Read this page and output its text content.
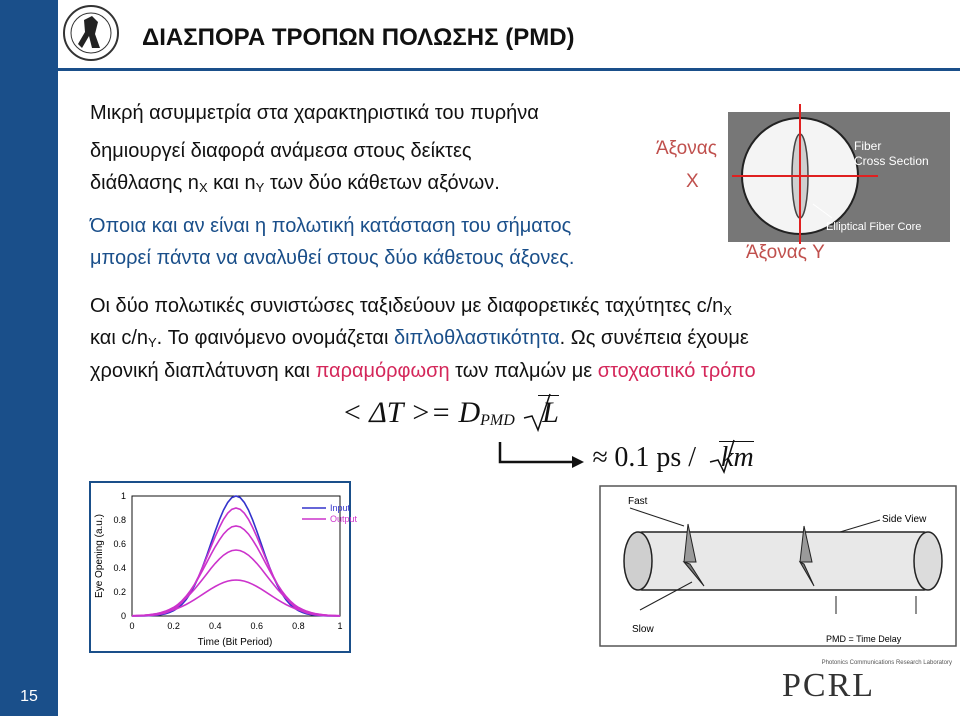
15
ΔΙΑΣΠΟΡΑ ΤΡΟΠΩΝ ΠΟΛΩΣΗΣ (PMD)
Μικρή ασυμμετρία στα χαρακτηριστικά του πυρήνα
δημιουργεί διαφορά ανάμεσα στους δείκτες
διάθλασης $n_X$ και $n_Y$ των δύο κάθετων αξόνων.
Όποια και αν είναι η πολωτική κατάσταση του σήματος
μπορεί πάντα να αναλυθεί στους δύο κάθετους άξονες.
Fiber
Cross Section
Elliptical Fiber Core
Άξονας
X
Άξονας Y
Οι δύο πολωτικές συνιστώσες ταξιδεύουν με διαφορετικές ταχύτητες $c/n_X$
και $c/n_Y$. Το φαινόμενο ονομάζεται διπλοθλαστικότητα. Ως συνέπεια έχουμε
χρονική διαπλάτυνση και παραμόρφωση των παλμών με στοχαστικό τρόπο
< $\Delta T >= D_{PMD}$ L
≈ 0.1 ps / km
0	0.2	0.4	0.6	0.8	1
0
0.2
0.4
0.6
0.8
1
Time (Bit Period)
Eye Opening (a.u.)
Input
Output
Fast
Slow
Side View
PMD = Time Delay
Photonics Communications Research Laboratory
PCRL
